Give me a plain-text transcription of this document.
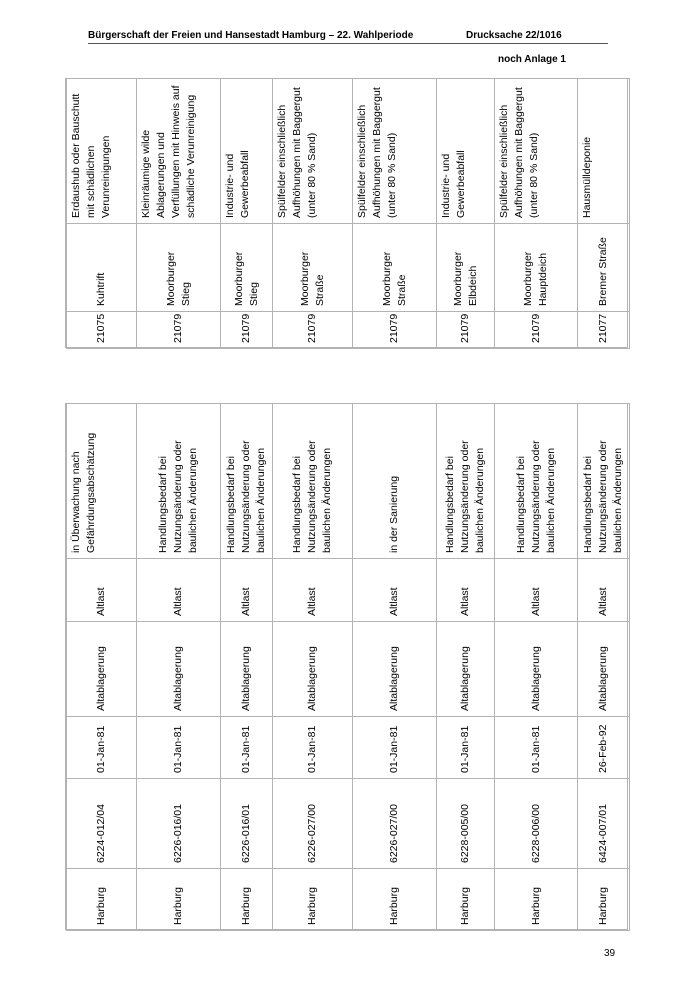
Bürgerschaft der Freien und Hansestadt Hamburg – 22. Wahlperiode	Drucksache 22/1016
noch Anlage 1
21075	Kuhtrift	Erdaushub oder Bauschutt mit schädlichen Verunreinigungen
21079	Moorburger Stieg	Kleinräumige wilde Ablagerungen und Verfüllungen mit Hinweis auf schädliche Verunreinigung
21079	Moorburger Stieg	Industrie- und Gewerbeabfall
21079	Moorburger Straße	Spülfelder einschließlich Aufhöhungen mit Baggergut (unter 80 % Sand)
21079	Moorburger Straße	Spülfelder einschließlich Aufhöhungen mit Baggergut (unter 80 % Sand)
21079	Moorburger Elbdeich	Industrie- und Gewerbeabfall
21079	Moorburger Hauptdeich	Spülfelder einschließlich Aufhöhungen mit Baggergut (unter 80 % Sand)
21077	Bremer Straße	Hausmülldeponie
Harburg	6224-012/04	01-Jan-81	Altablagerung	Altlast	in Überwachung nach Gefährdungsabschätzung
Harburg	6226-016/01	01-Jan-81	Altablagerung	Altlast	Handlungsbedarf bei Nutzungsänderung oder baulichen Änderungen
Harburg	6226-016/01	01-Jan-81	Altablagerung	Altlast	Handlungsbedarf bei Nutzungsänderung oder baulichen Änderungen
Harburg	6226-027/00	01-Jan-81	Altablagerung	Altlast	Handlungsbedarf bei Nutzungsänderung oder baulichen Änderungen
Harburg	6226-027/00	01-Jan-81	Altablagerung	Altlast	in der Sanierung
Harburg	6228-005/00	01-Jan-81	Altablagerung	Altlast	Handlungsbedarf bei Nutzungsänderung oder baulichen Änderungen
Harburg	6228-006/00	01-Jan-81	Altablagerung	Altlast	Handlungsbedarf bei Nutzungsänderung oder baulichen Änderungen
Harburg	6424-007/01	26-Feb-92	Altablagerung	Altlast	Handlungsbedarf bei Nutzungsänderung oder baulichen Änderungen
39
